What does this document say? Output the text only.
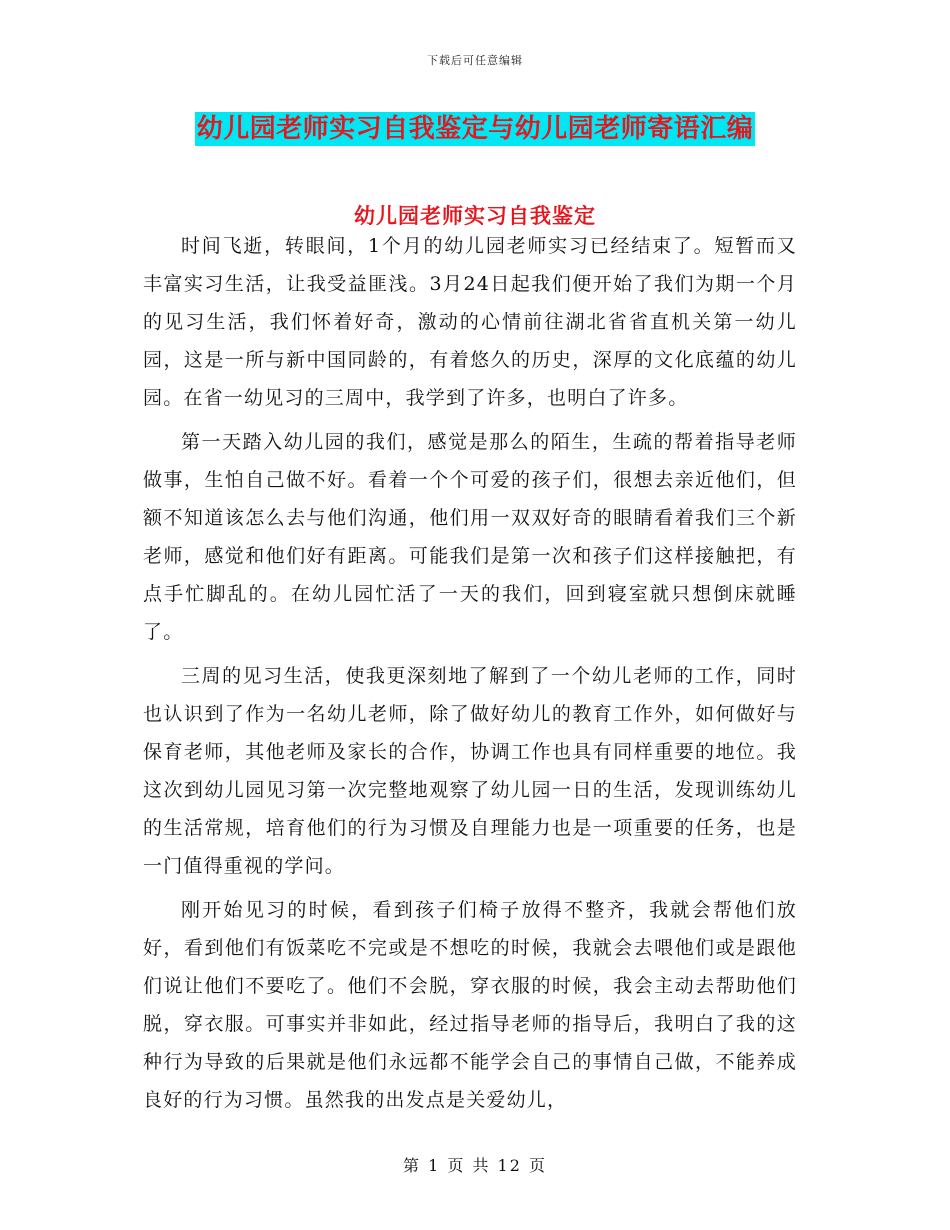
下载后可任意编辑
幼儿园老师实习自我鉴定与幼儿园老师寄语汇编
幼儿园老师实习自我鉴定

时间飞逝，转眼间，1个月的幼儿园老师实习已经结束了。短暂而又丰富实习生活，让我受益匪浅。3月24日起我们便开始了我们为期一个月的见习生活，我们怀着好奇，激动的心情前往湖北省省直机关第一幼儿园，这是一所与新中国同龄的，有着悠久的历史，深厚的文化底蕴的幼儿园。在省一幼见习的三周中，我学到了许多，也明白了许多。

第一天踏入幼儿园的我们，感觉是那么的陌生，生疏的帮着指导老师做事，生怕自己做不好。看着一个个可爱的孩子们，很想去亲近他们，但额不知道该怎么去与他们沟通，他们用一双双好奇的眼睛看着我们三个新老师，感觉和他们好有距离。可能我们是第一次和孩子们这样接触把，有点手忙脚乱的。在幼儿园忙活了一天的我们，回到寝室就只想倒床就睡了。

三周的见习生活，使我更深刻地了解到了一个幼儿老师的工作，同时也认识到了作为一名幼儿老师，除了做好幼儿的教育工作外，如何做好与保育老师，其他老师及家长的合作，协调工作也具有同样重要的地位。我这次到幼儿园见习第一次完整地观察了幼儿园一日的生活，发现训练幼儿的生活常规，培育他们的行为习惯及自理能力也是一项重要的任务，也是一门值得重视的学问。

刚开始见习的时候，看到孩子们椅子放得不整齐，我就会帮他们放好，看到他们有饭菜吃不完或是不想吃的时候，我就会去喂他们或是跟他们说让他们不要吃了。他们不会脱，穿衣服的时候，我会主动去帮助他们脱，穿衣服。可事实并非如此，经过指导老师的指导后，我明白了我的这种行为导致的后果就是他们永远都不能学会自己的事情自己做，不能养成良好的行为习惯。虽然我的出发点是关爱幼儿，

第 1 页 共 12 页
